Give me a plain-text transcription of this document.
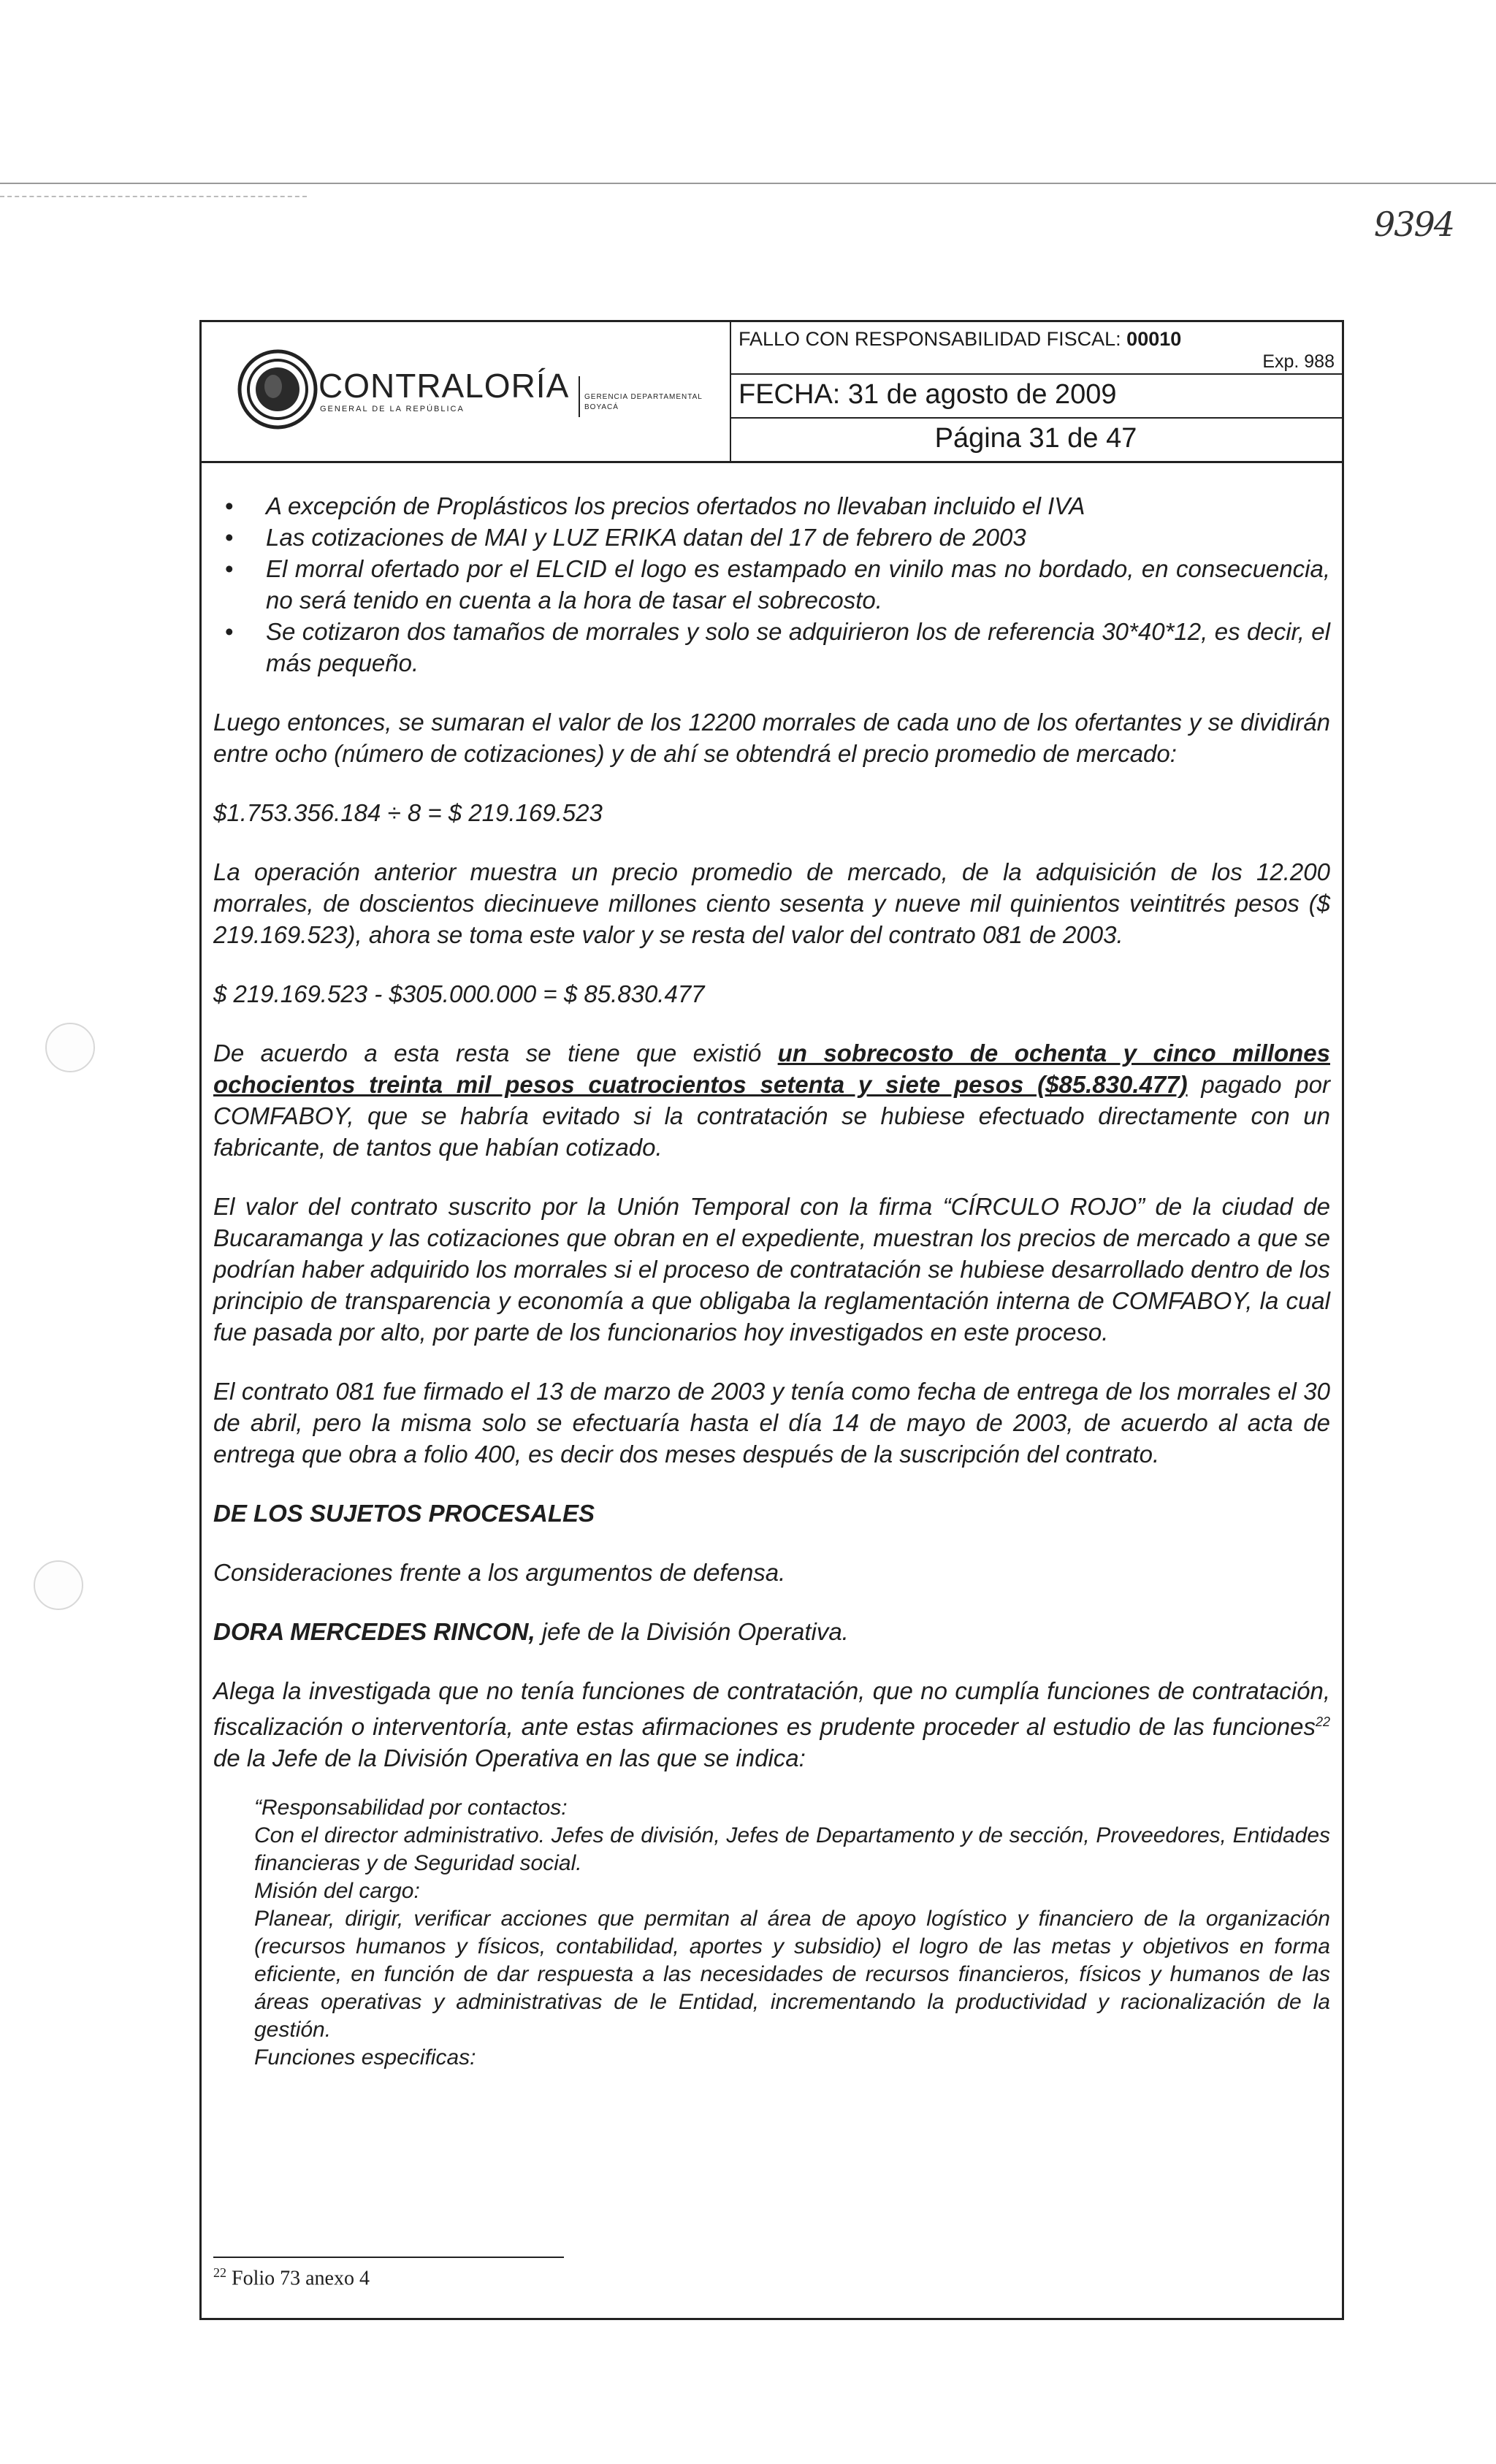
9394
CONTRALORÍA
GENERAL DE LA REPÚBLICA
GERENCIA DEPARTAMENTAL
BOYACÁ
FALLO CON RESPONSABILIDAD FISCAL: 00010
Exp. 988
FECHA: 31 de agosto de 2009
Página 31 de 47
• A excepción de Proplásticos los precios ofertados no llevaban incluido el IVA
• Las cotizaciones de MAI y LUZ ERIKA datan del 17 de febrero de 2003
• El morral ofertado por el ELCID el logo es estampado en vinilo mas no bordado, en consecuencia, no será tenido en cuenta a la hora de tasar el sobrecosto.
• Se cotizaron dos tamaños de morrales y solo se adquirieron los de referencia 30*40*12, es decir, el más pequeño.

Luego entonces, se sumaran el valor de los 12200 morrales de cada uno de los ofertantes y se dividirán entre ocho (número de cotizaciones) y de ahí se obtendrá el precio promedio de mercado:

$1.753.356.184 ÷ 8 = $ 219.169.523

La operación anterior muestra un precio promedio de mercado, de la adquisición de los 12.200 morrales, de doscientos diecinueve millones ciento sesenta y nueve mil quinientos veintitrés pesos ($ 219.169.523), ahora se toma este valor y se resta del valor del contrato 081 de 2003.

$ 219.169.523 - $305.000.000 = $ 85.830.477

De acuerdo a esta resta se tiene que existió un sobrecosto de ochenta y cinco millones ochocientos treinta mil pesos cuatrocientos setenta y siete pesos ($85.830.477) pagado por COMFABOY, que se habría evitado si la contratación se hubiese efectuado directamente con un fabricante, de tantos que habían cotizado.

El valor del contrato suscrito por la Unión Temporal con la firma “CÍRCULO ROJO” de la ciudad de Bucaramanga y las cotizaciones que obran en el expediente, muestran los precios de mercado a que se podrían haber adquirido los morrales si el proceso de contratación se hubiese desarrollado dentro de los principio de transparencia y economía a que obligaba la reglamentación interna de COMFABOY, la cual fue pasada por alto, por parte de los funcionarios hoy investigados en este proceso.

El contrato 081 fue firmado el 13 de marzo de 2003 y tenía como fecha de entrega de los morrales el 30 de abril, pero la misma solo se efectuaría hasta el día 14 de mayo de 2003, de acuerdo al acta de entrega que obra a folio 400, es decir dos meses después de la suscripción del contrato.

DE LOS SUJETOS PROCESALES

Consideraciones frente a los argumentos de defensa.

DORA MERCEDES RINCON, jefe de la División Operativa.

Alega la investigada que no tenía funciones de contratación, que no cumplía funciones de contratación, fiscalización o interventoría, ante estas afirmaciones es prudente proceder al estudio de las funciones$^{22}$ de la Jefe de la División Operativa en las que se indica:

“Responsabilidad por contactos:
Con el director administrativo. Jefes de división, Jefes de Departamento y de sección, Proveedores, Entidades financieras y de Seguridad social.
Misión del cargo:
Planear, dirigir, verificar acciones que permitan al área de apoyo logístico y financiero de la organización (recursos humanos y físicos, contabilidad, aportes y subsidio) el logro de las metas y objetivos en forma eficiente, en función de dar respuesta a las necesidades de recursos financieros, físicos y humanos de las áreas operativas y administrativas de le Entidad, incrementando la productividad y racionalización de la gestión.
Funciones especificas:
$^{22}$ Folio 73 anexo 4
